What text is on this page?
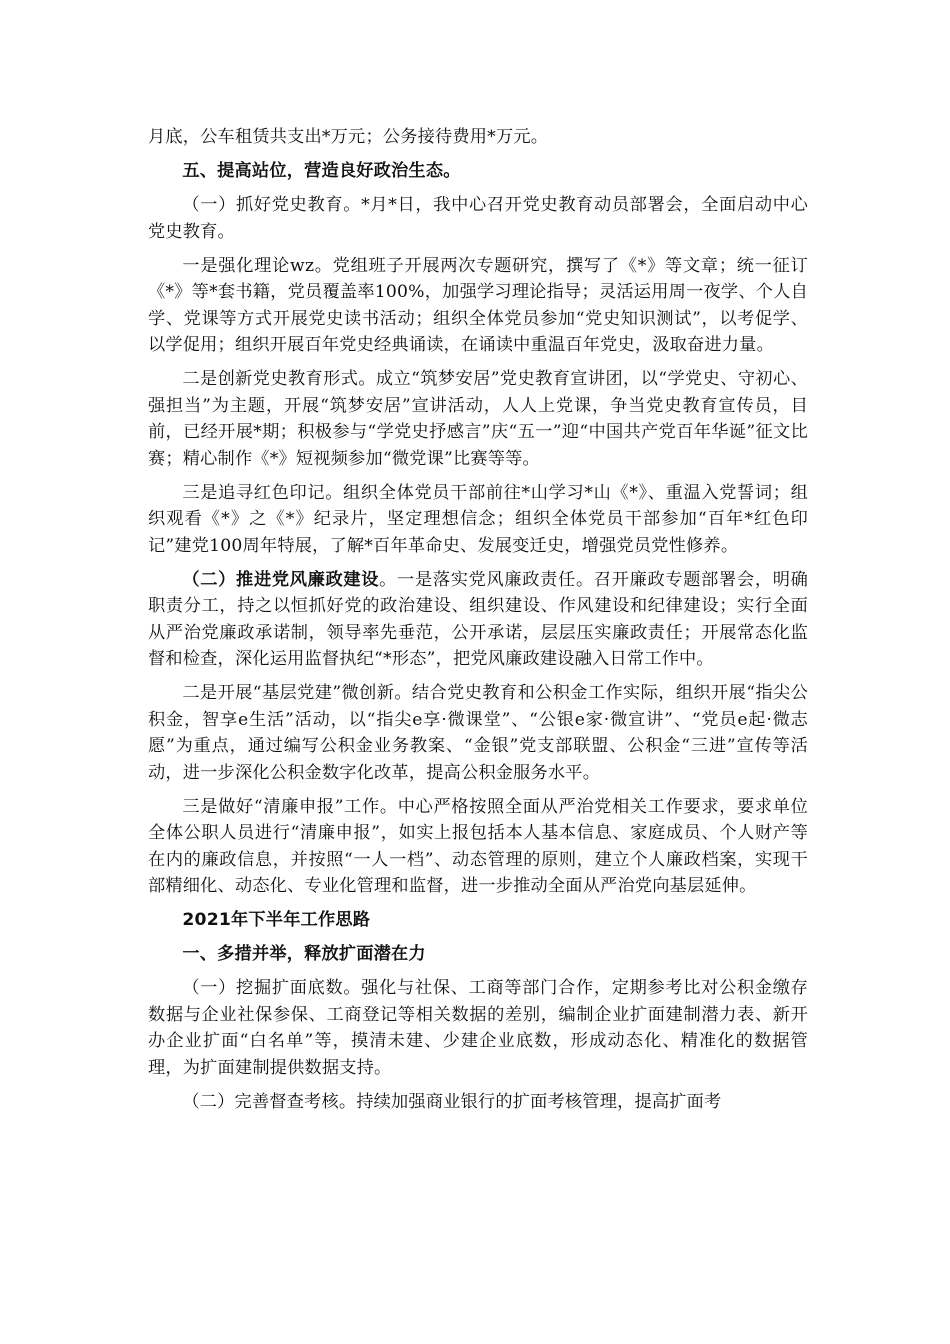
月底，公车租赁共支出*万元；公务接待费用*万元。

五、提高站位，营造良好政治生态。

（一）抓好党史教育。*月*日，我中心召开党史教育动员部署会，全面启动中心党史教育。

一是强化理论wz。党组班子开展两次专题研究，撰写了《*》等文章；统一征订《*》等*套书籍，党员覆盖率100%，加强学习理论指导；灵活运用周一夜学、个人自学、党课等方式开展党史读书活动；组织全体党员参加“党史知识测试”，以考促学、以学促用；组织开展百年党史经典诵读，在诵读中重温百年党史，汲取奋进力量。

二是创新党史教育形式。成立“筑梦安居”党史教育宣讲团，以“学党史、守初心、强担当”为主题，开展“筑梦安居”宣讲活动，人人上党课，争当党史教育宣传员，目前，已经开展*期；积极参与“学党史抒感言”庆“五一”迎“中国共产党百年华诞”征文比赛；精心制作《*》短视频参加“微党课”比赛等等。

三是追寻红色印记。组织全体党员干部前往*山学习*山《*》、重温入党誓词；组织观看《*》之《*》纪录片，坚定理想信念；组织全体党员干部参加“百年*红色印记”建党100周年特展，了解*百年革命史、发展变迁史，增强党员党性修养。

（二）推进党风廉政建设。一是落实党风廉政责任。召开廉政专题部署会，明确职责分工，持之以恒抓好党的政治建设、组织建设、作风建设和纪律建设；实行全面从严治党廉政承诺制，领导率先垂范，公开承诺，层层压实廉政责任；开展常态化监督和检查，深化运用监督执纪“*形态”，把党风廉政建设融入日常工作中。

二是开展“基层党建”微创新。结合党史教育和公积金工作实际，组织开展“指尖公积金，智享e生活”活动，以“指尖e享·微课堂”、“公银e家·微宣讲”、“党员e起·微志愿”为重点，通过编写公积金业务教案、“金银”党支部联盟、公积金“三进”宣传等活动，进一步深化公积金数字化改革，提高公积金服务水平。

三是做好“清廉申报”工作。中心严格按照全面从严治党相关工作要求，要求单位全体公职人员进行“清廉申报”，如实上报包括本人基本信息、家庭成员、个人财产等在内的廉政信息，并按照“一人一档”、动态管理的原则，建立个人廉政档案，实现干部精细化、动态化、专业化管理和监督，进一步推动全面从严治党向基层延伸。

2021年下半年工作思路

一、多措并举，释放扩面潜在力

（一）挖掘扩面底数。强化与社保、工商等部门合作，定期参考比对公积金缴存数据与企业社保参保、工商登记等相关数据的差别，编制企业扩面建制潜力表、新开办企业扩面“白名单”等，摸清未建、少建企业底数，形成动态化、精准化的数据管理，为扩面建制提供数据支持。

（二）完善督查考核。持续加强商业银行的扩面考核管理，提高扩面考
